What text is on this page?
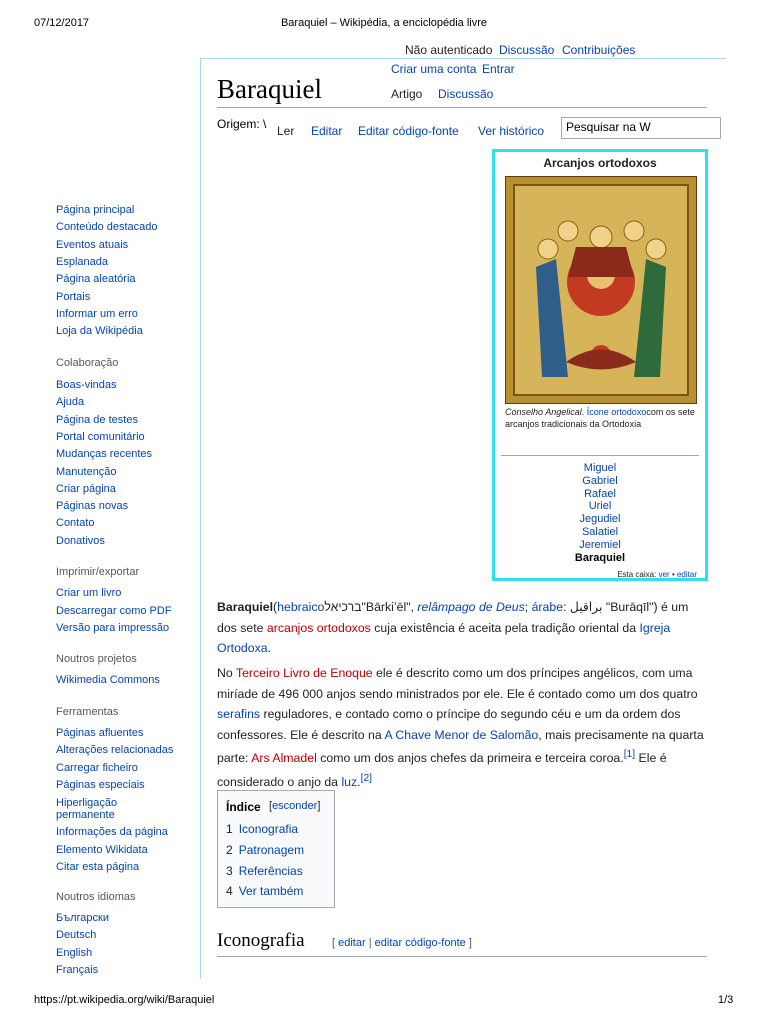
07/12/2017	Baraquiel – Wikipédia, a enciclopédia livre
Não autenticado Discussão Contribuições
Criar uma conta Entrar
Baraquiel	Artigo Discussão
Origem: \ Ler Editar Editar código-fonte Ver histórico	Pesquisar na W
Página principal
Conteúdo destacado
Eventos atuais
Esplanada
Página aleatória
Portais
Informar um erro
Loja da Wikipédia
Colaboração
Boas-vindas
Ajuda
Página de testes
Portal comunitário
Mudanças recentes
Manutenção
Criar página
Páginas novas
Contato
Donativos
Imprimir/exportar
Criar um livro
Descarregar como PDF
Versão para impressão
Noutros projetos
Wikimedia Commons
Ferramentas
Páginas afluentes
Alterações relacionadas
Carregar ficheiro
Páginas especiais
Hiperligação
permanente
Informações da página
Elemento Wikidata
Citar esta página
Noutros idiomas
Български
Deutsch
English
Français
Arcanjos ortodoxos
Conselho Angelical. Ícone ortodoxocom os sete arcanjos tradicionais da Ortodoxia
Miguel
Gabriel
Rafael
Uriel
Jegudiel
Salatiel
Jeremiel
Baraquiel
Esta caixa: ver • editar
Baraquiel(hebraicoברכיאל"Bārkiʼēl", relâmpago de Deus; árabe: براقيل "Burāqīl") é um dos sete arcanjos ortodoxos cuja existência é aceita pela tradição oriental da Igreja Ortodoxa.
No Terceiro Livro de Enoque ele é descrito como um dos príncipes angélicos, com uma miríade de 496 000 anjos sendo ministrados por ele. Ele é contado como um dos quatro serafins reguladores, e contado como o príncipe do segundo céu e um da ordem dos confessores. Ele é descrito na A Chave Menor de Salomão, mais precisamente na quarta parte: Ars Almadel como um dos anjos chefes da primeira e terceira coroa.[1] Ele é considerado o anjo da luz.[2]
Índice [esconder]
1 Iconografia
2 Patronagem
3 Referências
4 Ver também
Iconografia [ editar | editar código-fonte ]
https://pt.wikipedia.org/wiki/Baraquiel	1/3
